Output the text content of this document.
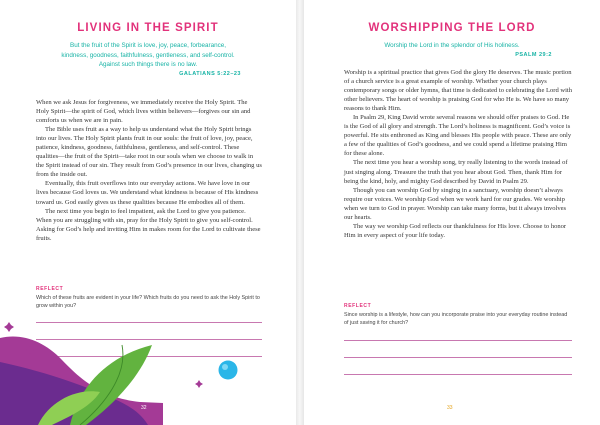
LIVING IN THE SPIRIT
But the fruit of the Spirit is love, joy, peace, forbearance,
kindness, goodness, faithfulness, gentleness, and self-control.
Against such things there is no law.
GALATIANS 5:22–23

When we ask Jesus for forgiveness, we immediately receive the Holy Spirit. The Holy Spirit—the spirit of God, which lives within believers—forgives our sin and comforts us when we are in pain.

The Bible uses fruit as a way to help us understand what the Holy Spirit brings into our lives. The Holy Spirit plants fruit in our souls: the fruit of love, joy, peace, patience, kindness, goodness, faithfulness, gentleness, and self-control. These qualities—the fruit of the Spirit—take root in our souls when we choose to walk in the Spirit instead of our sin. They result from God’s presence in our lives, changing us from the inside out.

Eventually, this fruit overflows into our everyday actions. We have love in our lives because God loves us. We understand what kindness is because of His kindness toward us. God easily gives us these qualities because He embodies all of them.

The next time you begin to feel impatient, ask the Lord to give you patience. When you are struggling with sin, pray for the Holy Spirit to give you self-control. Asking for God’s help and inviting Him in makes room for the Lord to cultivate these fruits.

REFLECT
Which of these fruits are evident in your life? Which fruits do you need to ask the Holy Spirit to grow within you?
32
WORSHIPPING THE LORD
Worship the Lord in the splendor of His holiness.
PSALM 29:2

Worship is a spiritual practice that gives God the glory He deserves. The music portion of a church service is a great example of worship. Whether your church plays contemporary songs or older hymns, that time is dedicated to celebrating the Lord with other believers. The heart of worship is praising God for who He is. We have so many reasons to thank Him.

In Psalm 29, King David wrote several reasons we should offer praises to God. He is the God of all glory and strength. The Lord’s holiness is magnificent. God’s voice is powerful. He sits enthroned as King and blesses His people with peace. These are only a few of the qualities of God’s goodness, and we could spend a lifetime praising Him for these alone.

The next time you hear a worship song, try really listening to the words instead of just singing along. Treasure the truth that you hear about God. Then, thank Him for being the kind, holy, and mighty God described by David in Psalm 29.

Though you can worship God by singing in a sanctuary, worship doesn’t always require our voices. We worship God when we work hard for our grades. We worship when we turn to God in prayer. Worship can take many forms, but it always involves our hearts.

The way we worship God reflects our thankfulness for His love. Choose to honor Him in every aspect of your life today.

REFLECT
Since worship is a lifestyle, how can you incorporate praise into your everyday routine instead of just saving it for church?
33
